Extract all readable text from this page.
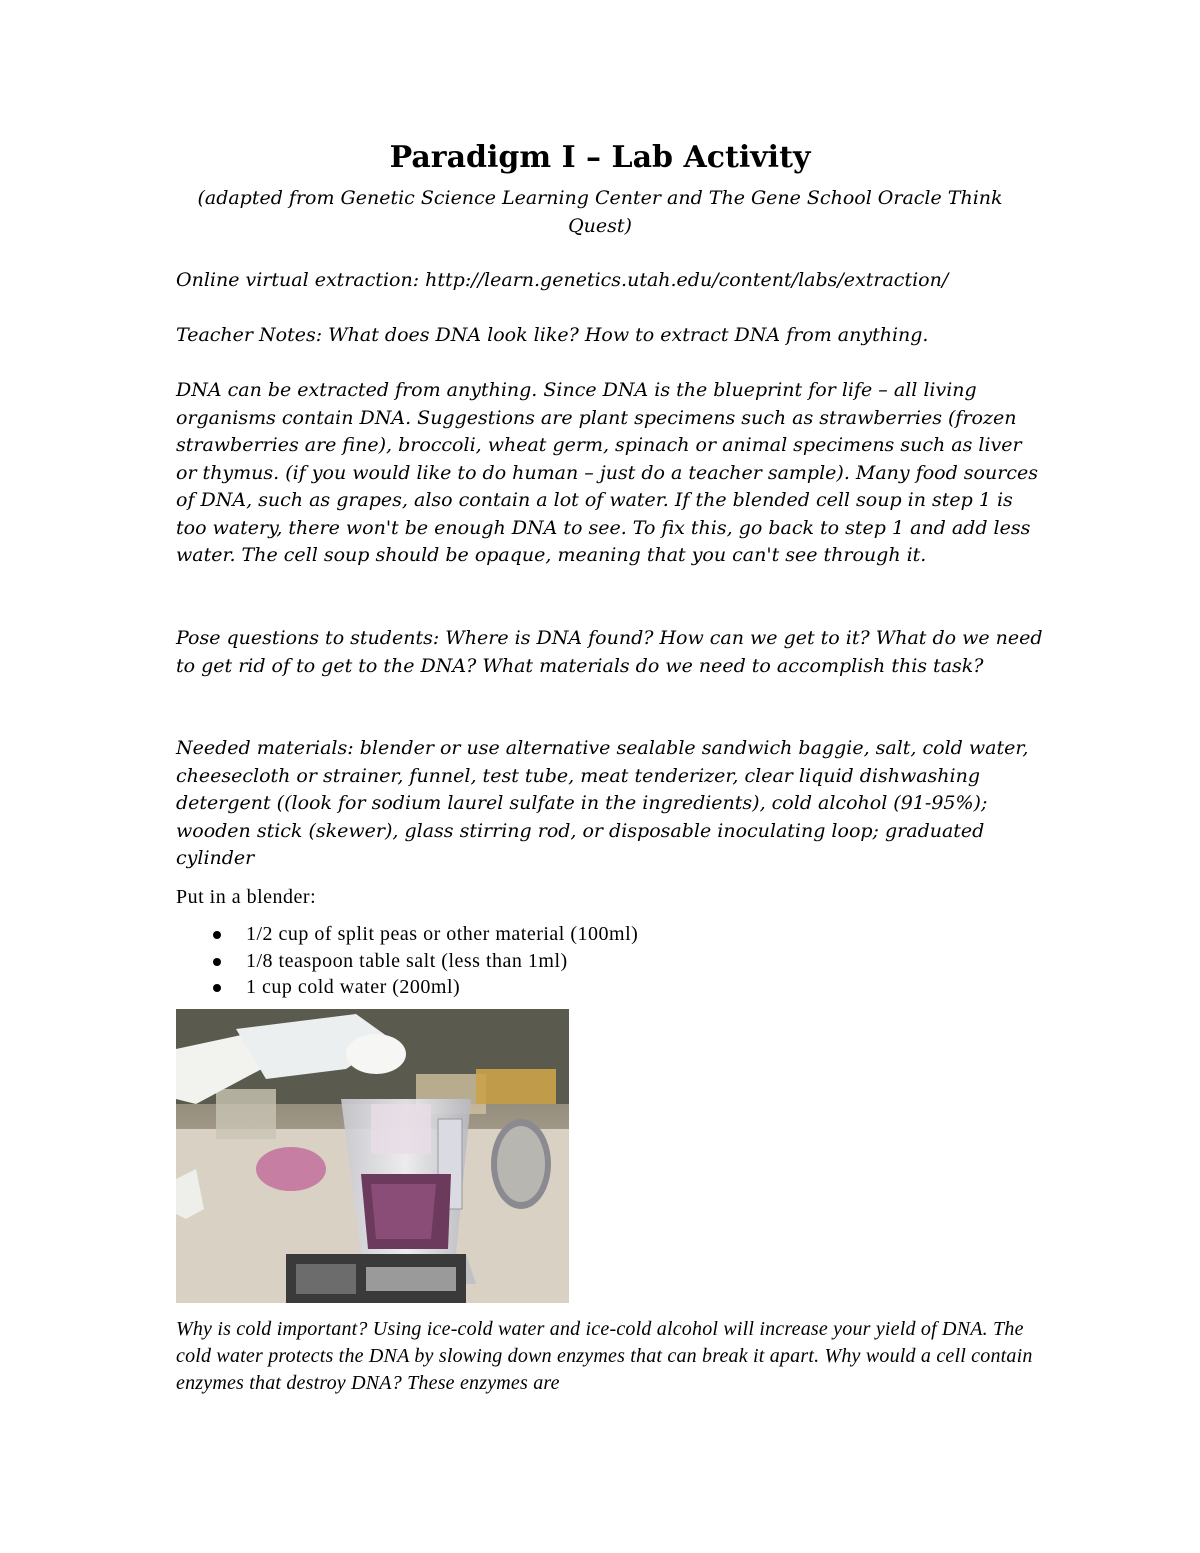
Paradigm I – Lab Activity
(adapted from Genetic Science Learning Center and The Gene School Oracle Think Quest)

Online virtual extraction: http://learn.genetics.utah.edu/content/labs/extraction/

Teacher Notes: What does DNA look like? How to extract DNA from anything.

DNA can be extracted from anything. Since DNA is the blueprint for life – all living organisms contain DNA. Suggestions are plant specimens such as strawberries (frozen strawberries are fine), broccoli, wheat germ, spinach or animal specimens such as liver or thymus. (if you would like to do human – just do a teacher sample). Many food sources of DNA, such as grapes, also contain a lot of water. If the blended cell soup in step 1 is too watery, there won't be enough DNA to see. To fix this, go back to step 1 and add less water. The cell soup should be opaque, meaning that you can't see through it.

Pose questions to students: Where is DNA found? How can we get to it? What do we need to get rid of to get to the DNA? What materials do we need to accomplish this task?

Needed materials: blender or use alternative sealable sandwich baggie, salt, cold water, cheesecloth or strainer, funnel, test tube, meat tenderizer, clear liquid dishwashing detergent ((look for sodium laurel sulfate in the ingredients), cold alcohol (91-95%); wooden stick (skewer), glass stirring rod, or disposable inoculating loop; graduated cylinder

Put in a blender:
1/2 cup of split peas or other material (100ml)
1/8 teaspoon table salt (less than 1ml)
1 cup cold water (200ml)

Why is cold important? Using ice-cold water and ice-cold alcohol will increase your yield of DNA. The cold water protects the DNA by slowing down enzymes that can break it apart. Why would a cell contain enzymes that destroy DNA? These enzymes are
